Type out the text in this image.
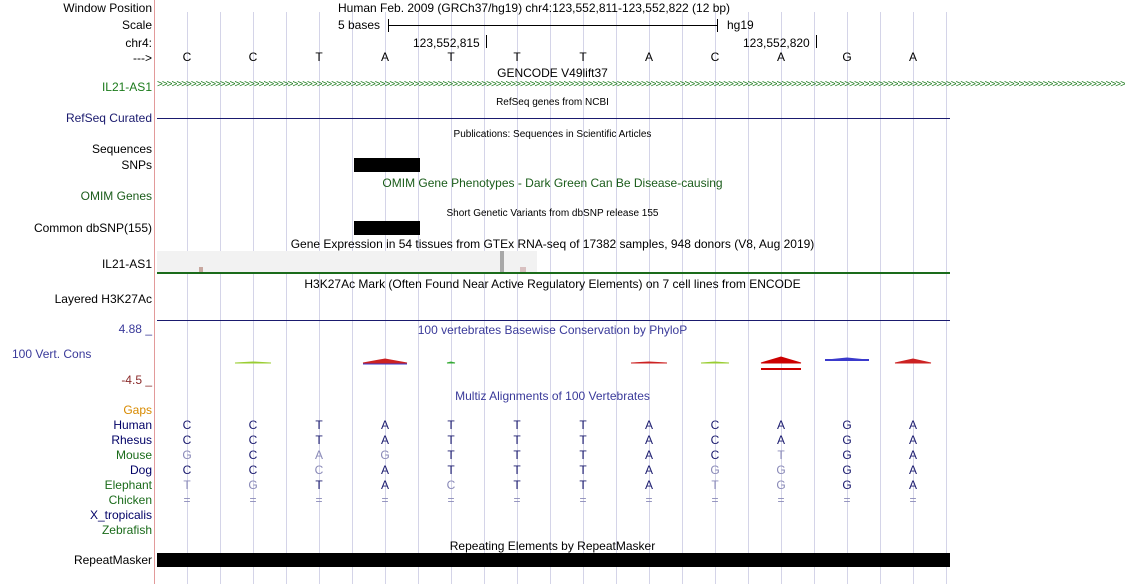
Window Position
Scale
chr4:
--->
Human Feb. 2009 (GRCh37/hg19) chr4:123,552,811-123,552,822 (12 bp)
5 bases	hg19
123,552,815	123,552,820
GENCODE V49lift37
IL21-AS1 >>>>>>>>>>>>>>>>>>>>>>>>>>>>>>>>>>>>>>>>>>>>>>>>>>>>>>>>>>>>>>>>>>>>>>>>>>>>>>>>>>>>>>>>>>>>>>>>>>>>>>>>>>>>>>>>>>>>>>>>>>>>>>>>>>>>>>>>>>>>>>>>>>>>>>>>>>>>>>>>>>>>>>>>>>>>>>>>>>>>>>>>>>>>>>>>>>>>>>>>
RefSeq genes from NCBI
RefSeq Curated
Publications: Sequences in Scientific Articles
Sequences
SNPs
OMIM Gene Phenotypes - Dark Green Can Be Disease-causing
OMIM Genes
Short Genetic Variants from dbSNP release 155
Common dbSNP(155)
Gene Expression in 54 tissues from GTEx RNA-seq of 17382 samples, 948 donors (V8, Aug 2019)
IL21-AS1
H3K27Ac Mark (Often Found Near Active Regulatory Elements) on 7 cell lines from ENCODE
Layered H3K27Ac
4.88 _	100 vertebrates Basewise Conservation by PhyloP
100 Vert. Cons
-4.5 _
Multiz Alignments of 100 Vertebrates
Gaps
Repeating Elements by RepeatMasker
RepeatMasker
C	C	T	A	T	T	T	A	C	A	G	A
Human	C	C	T	A	T	T	T	A	C	A	G	A
Rhesus	C	C	T	A	T	T	T	A	C	A	G	A
Mouse	G	C	A	G	T	T	T	A	C	T	G	A
Dog	C	C	C	A	T	T	T	A	G	G	G	A
Elephant	T	G	T	A	C	T	T	A	T	G	G	A
Chicken	=	=	=	=	=	=	=	=	=	=	=	=
X_tropicalis
Zebrafish
